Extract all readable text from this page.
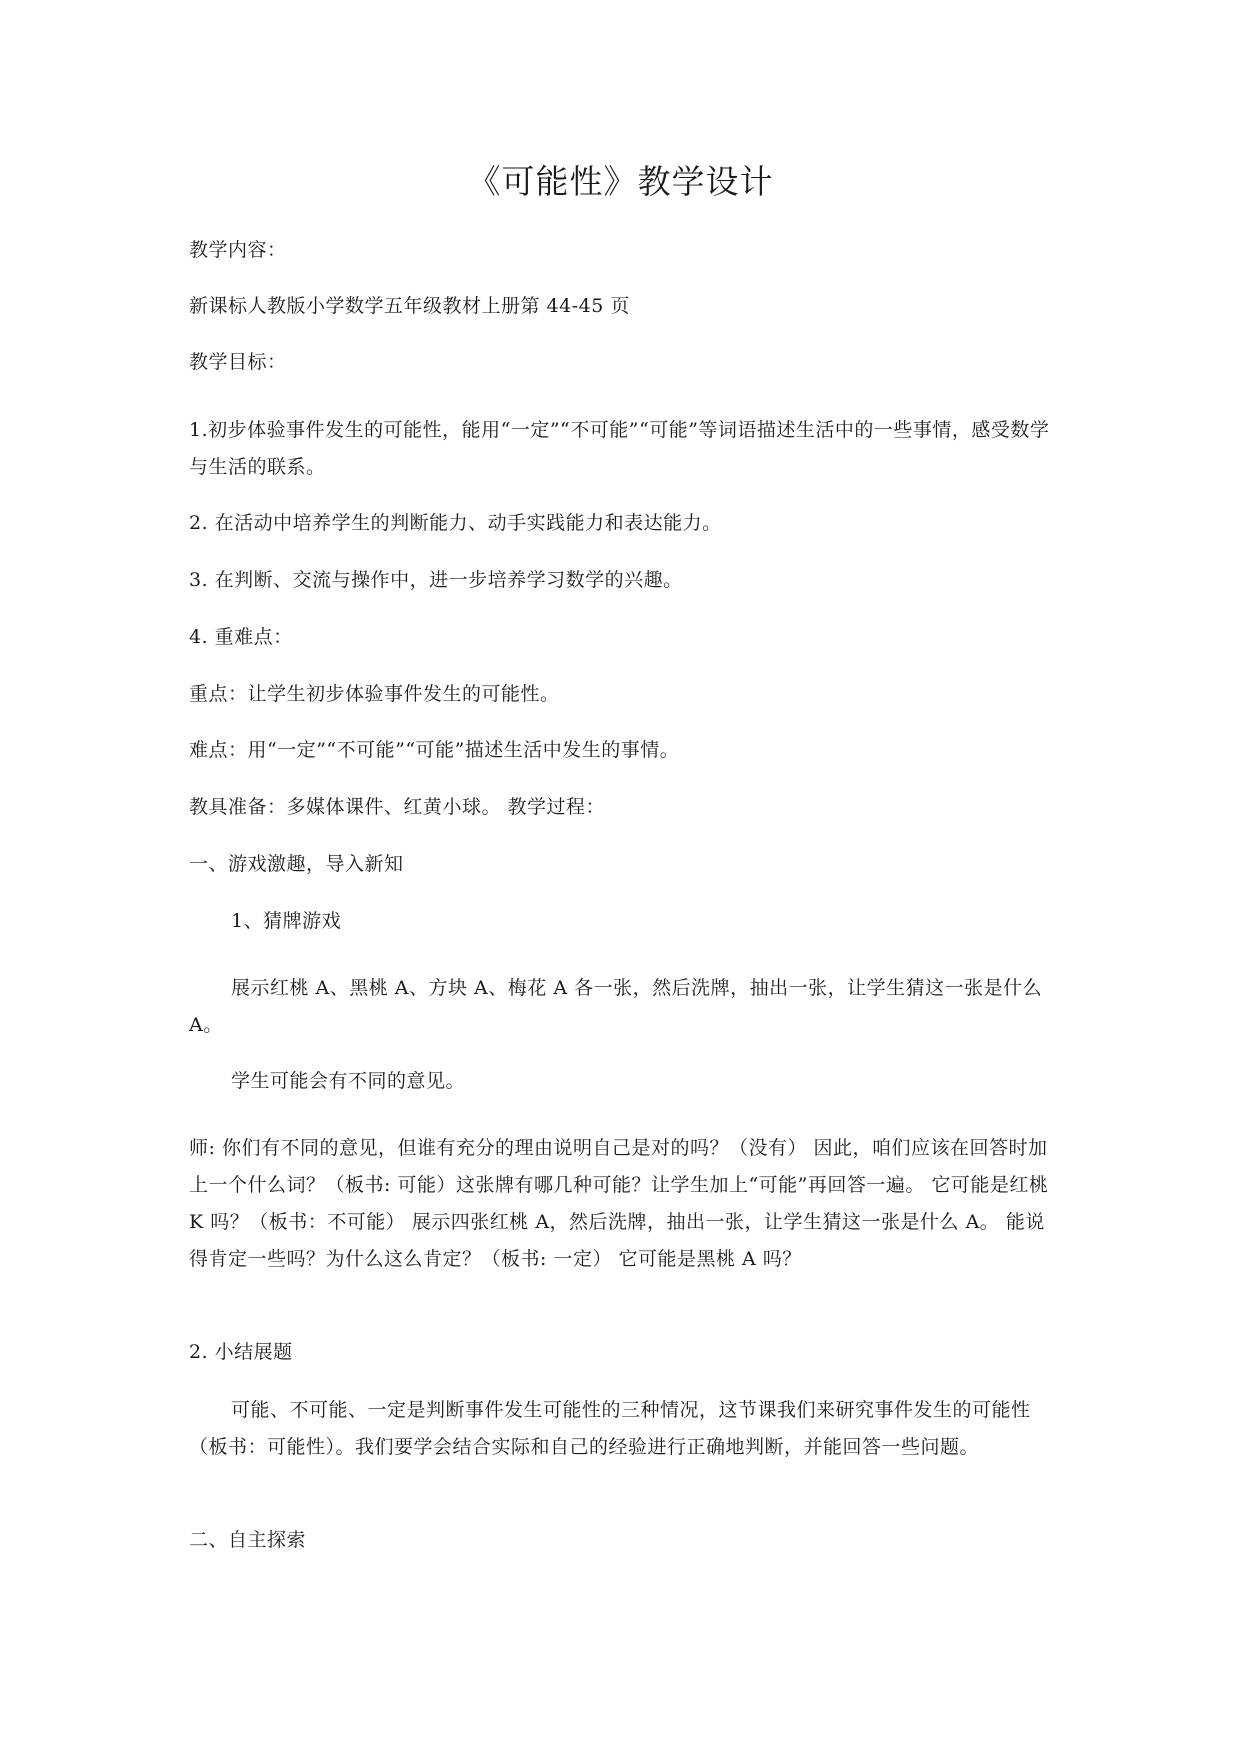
《可能性》教学设计
教学内容：
新课标人教版小学数学五年级教材上册第 44-45 页
教学目标：
1.初步体验事件发生的可能性，能用“一定”“不可能”“可能”等词语描述生活中的一些事情，感受数学与生活的联系。
2. 在活动中培养学生的判断能力、动手实践能力和表达能力。
3. 在判断、交流与操作中，进一步培养学习数学的兴趣。
4. 重难点：
重点：让学生初步体验事件发生的可能性。
难点：用“一定”“不可能”“可能”描述生活中发生的事情。
教具准备：多媒体课件、红黄小球。 教学过程：
一、游戏激趣，导入新知
1、猜牌游戏
展示红桃 A、黑桃 A、方块 A、梅花 A 各一张，然后洗牌，抽出一张，让学生猜这一张是什么 A。
学生可能会有不同的意见。
师: 你们有不同的意见，但谁有充分的理由说明自己是对的吗？（没有） 因此，咱们应该在回答时加上一个什么词？（板书: 可能）这张牌有哪几种可能？让学生加上“可能”再回答一遍。 它可能是红桃 K 吗？（板书：不可能） 展示四张红桃 A，然后洗牌，抽出一张，让学生猜这一张是什么 A。 能说得肯定一些吗？为什么这么肯定？（板书: 一定） 它可能是黑桃 A 吗？
2. 小结展题
可能、不可能、一定是判断事件发生可能性的三种情况，这节课我们来研究事件发生的可能性（板书：可能性）。我们要学会结合实际和自己的经验进行正确地判断，并能回答一些问题。
二、自主探索
